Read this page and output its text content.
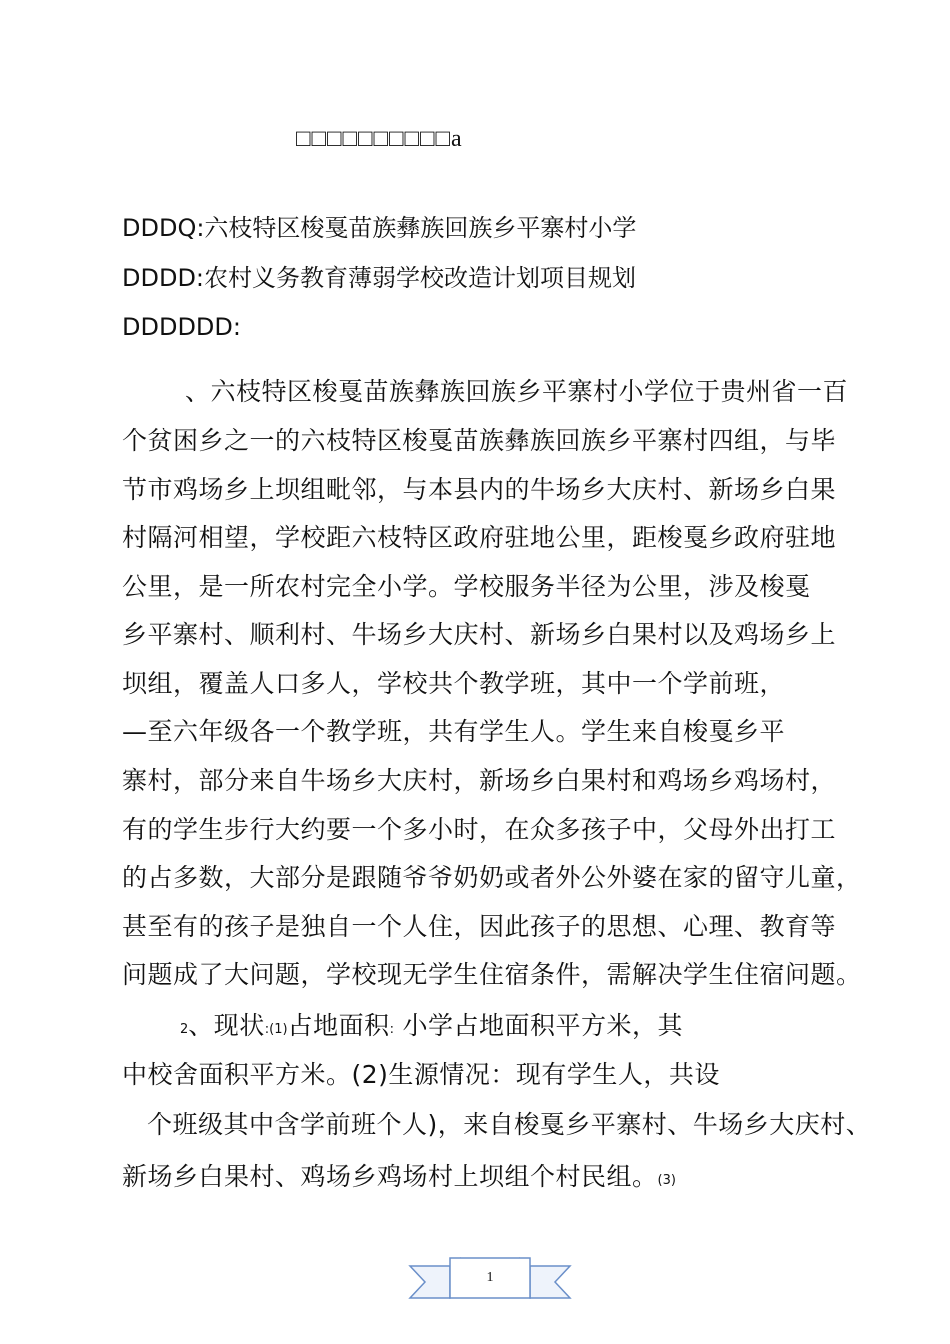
□□□□□□□□□□a
DDDQ:六枝特区梭戛苗族彝族回族乡平寨村小学
DDDD:农村义务教育薄弱学校改造计划项目规划
DDDDDD:
、六枝特区梭戛苗族彝族回族乡平寨村小学位于贵州省一百
个贫困乡之一的六枝特区梭戛苗族彝族回族乡平寨村四组，与毕
节市鸡场乡上坝组毗邻，与本县内的牛场乡大庆村、新场乡白果
村隔河相望，学校距六枝特区政府驻地公里，距梭戛乡政府驻地
公里，是一所农村完全小学。学校服务半径为公里，涉及梭戛
乡平寨村、顺利村、牛场乡大庆村、新场乡白果村以及鸡场乡上
坝组，覆盖人口多人，学校共个教学班，其中一个学前班，
—至六年级各一个教学班，共有学生人。学生来自梭戛乡平
寨村，部分来自牛场乡大庆村，新场乡白果村和鸡场乡鸡场村，
有的学生步行大约要一个多小时，在众多孩子中，父母外出打工
的占多数，大部分是跟随爷爷奶奶或者外公外婆在家的留守儿童，
甚至有的孩子是独自一个人住，因此孩子的思想、心理、教育等
问题成了大问题，学校现无学生住宿条件，需解决学生住宿问题。
2、现状:(1)占地面积: 小学占地面积平方米，其
中校舍面积平方米。(2)生源情况：现有学生人，共设
个班级其中含学前班个人)，来自梭戛乡平寨村、牛场乡大庆村、
新场乡白果村、鸡场乡鸡场村上坝组个村民组。(3)
1
